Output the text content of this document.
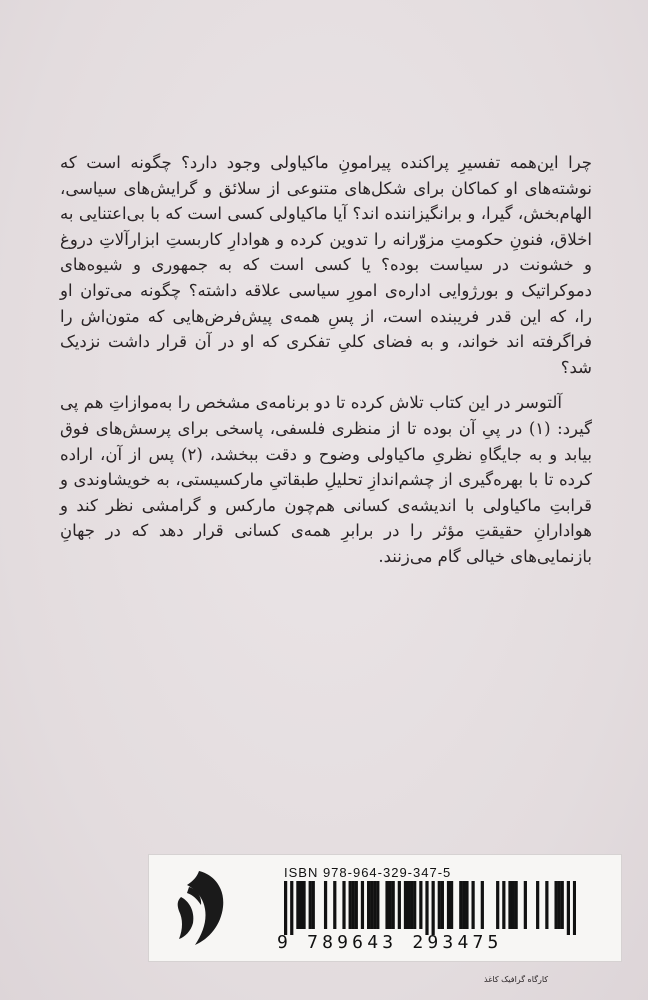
چرا این‌همه تفسیرِ پراکنده پیرامونِ ماکیاولی وجود دارد؟ چگونه است که نوشته‌های او کماکان برای شکل‌های متنوعی از سلائق و گرایش‌های سیاسی، الهام‌بخش، گیرا، و برانگیزاننده اند؟ آیا ماکیاولی کسی است که با بی‌اعتنایی به اخلاق، فنونِ حکومتِ مزوّرانه را تدوین کرده و هوادارِ کاربستِ ابزارآلاتِ دروغ و خشونت در سیاست بوده؟ یا کسی است که به جمهوری و شیوه‌های دموکراتیک و بورژوایی اداره‌ی امورِ سیاسی علاقه داشته؟ چگونه می‌توان او را، که این قدر فریبنده است، از پسِ همه‌ی پیش‌فرض‌هایی که متون‌اش را فراگرفته اند خواند، و به فضای کلیِ تفکری که او در آن قرار داشت نزدیک شد؟

آلتوسر در این کتاب تلاش کرده تا دو برنامه‌ی مشخص را به‌موازاتِ هم پی گیرد: (۱) در پیِ آن بوده تا از منظری فلسفی، پاسخی برای پرسش‌های فوق بیابد و به جایگاهِ نظریِ ماکیاولی وضوح و دقت ببخشد، (۲) پس از آن، اراده کرده تا با بهره‌گیری از چشم‌اندازِ تحلیلِ طبقاتیِ مارکسیستی، به خویشاوندی و قرابتِ ماکیاولی با اندیشه‌ی کسانی هم‌چون مارکس و گرامشی نظر کند و هوادارانِ حقیقتِ مؤثر را در برابرِ همه‌ی کسانی قرار دهد که در جهانِ بازنمایی‌های خیالی گام می‌زنند.

ISBN 978-964-329-347-5
9 789643 293475
کارگاه گرافیک کاغذ
